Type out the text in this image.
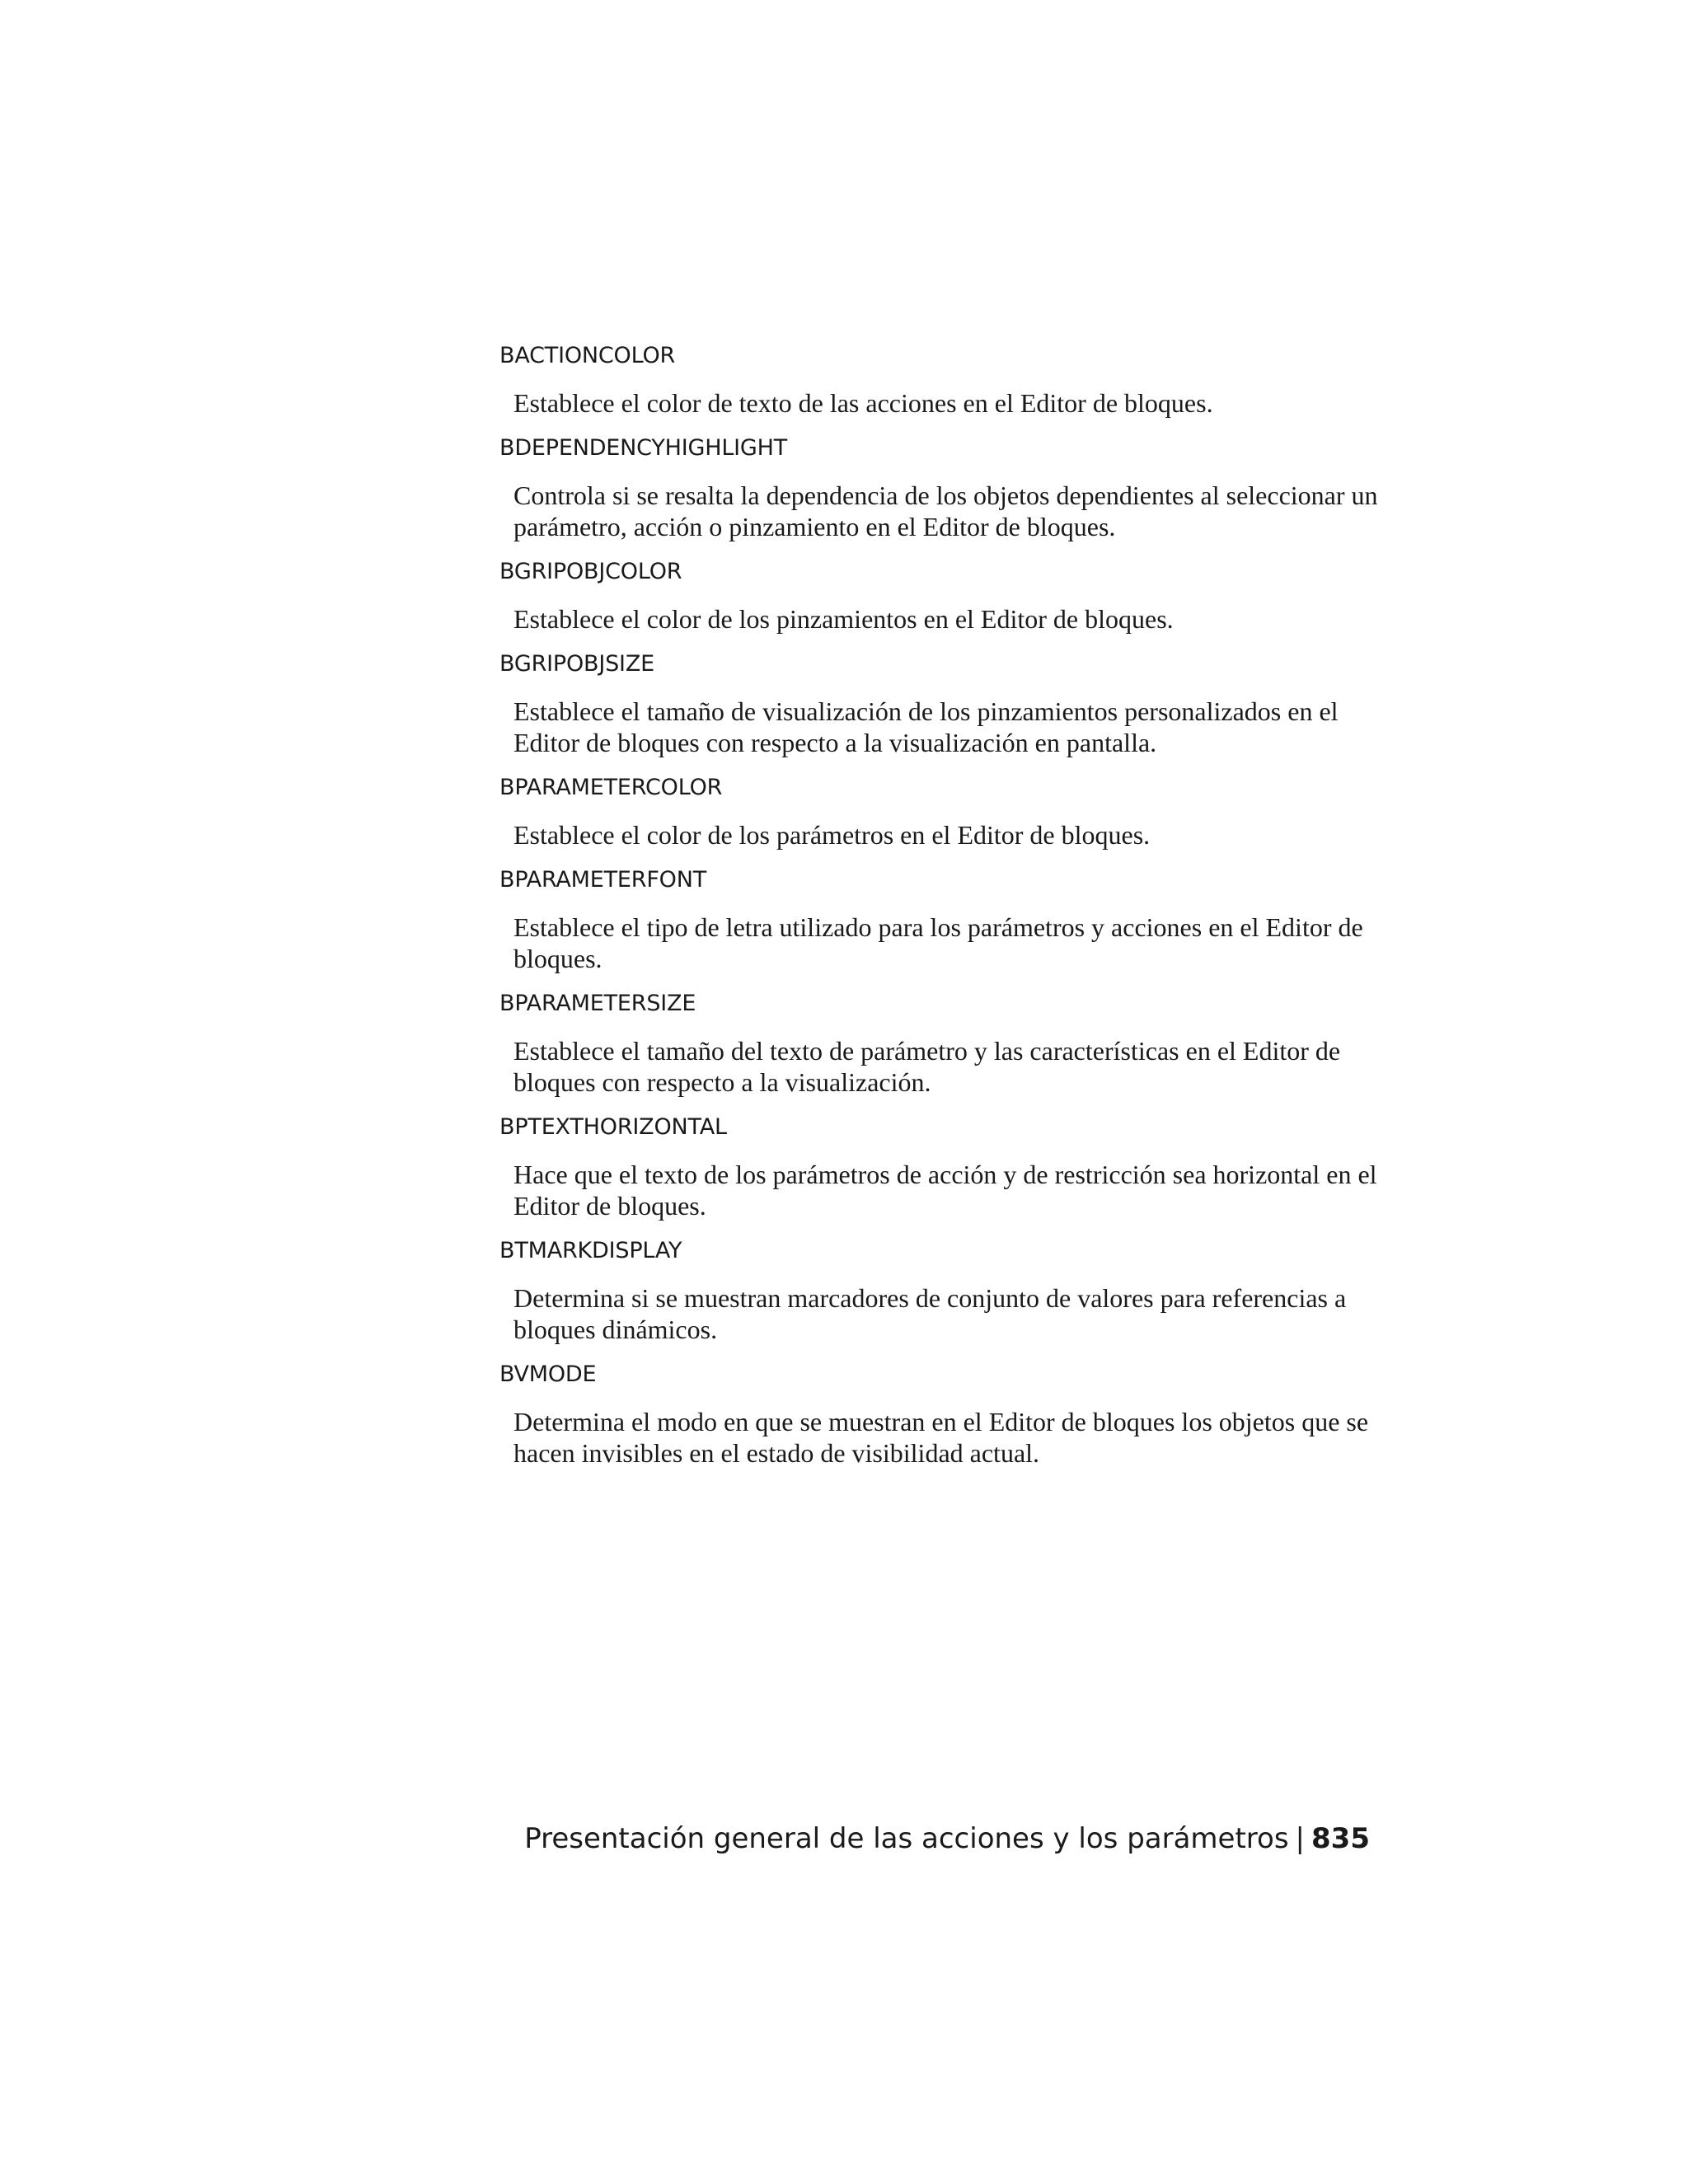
BACTIONCOLOR

Establece el color de texto de las acciones en el Editor de bloques.

BDEPENDENCYHIGHLIGHT

Controla si se resalta la dependencia de los objetos dependientes al seleccionar un parámetro, acción o pinzamiento en el Editor de bloques.

BGRIPOBJCOLOR

Establece el color de los pinzamientos en el Editor de bloques.

BGRIPOBJSIZE

Establece el tamaño de visualización de los pinzamientos personalizados en el Editor de bloques con respecto a la visualización en pantalla.

BPARAMETERCOLOR

Establece el color de los parámetros en el Editor de bloques.

BPARAMETERFONT

Establece el tipo de letra utilizado para los parámetros y acciones en el Editor de bloques.

BPARAMETERSIZE

Establece el tamaño del texto de parámetro y las características en el Editor de bloques con respecto a la visualización.

BPTEXTHORIZONTAL

Hace que el texto de los parámetros de acción y de restricción sea horizontal en el Editor de bloques.

BTMARKDISPLAY

Determina si se muestran marcadores de conjunto de valores para referencias a bloques dinámicos.

BVMODE

Determina el modo en que se muestran en el Editor de bloques los objetos que se hacen invisibles en el estado de visibilidad actual.

Presentación general de las acciones y los parámetros | 835
